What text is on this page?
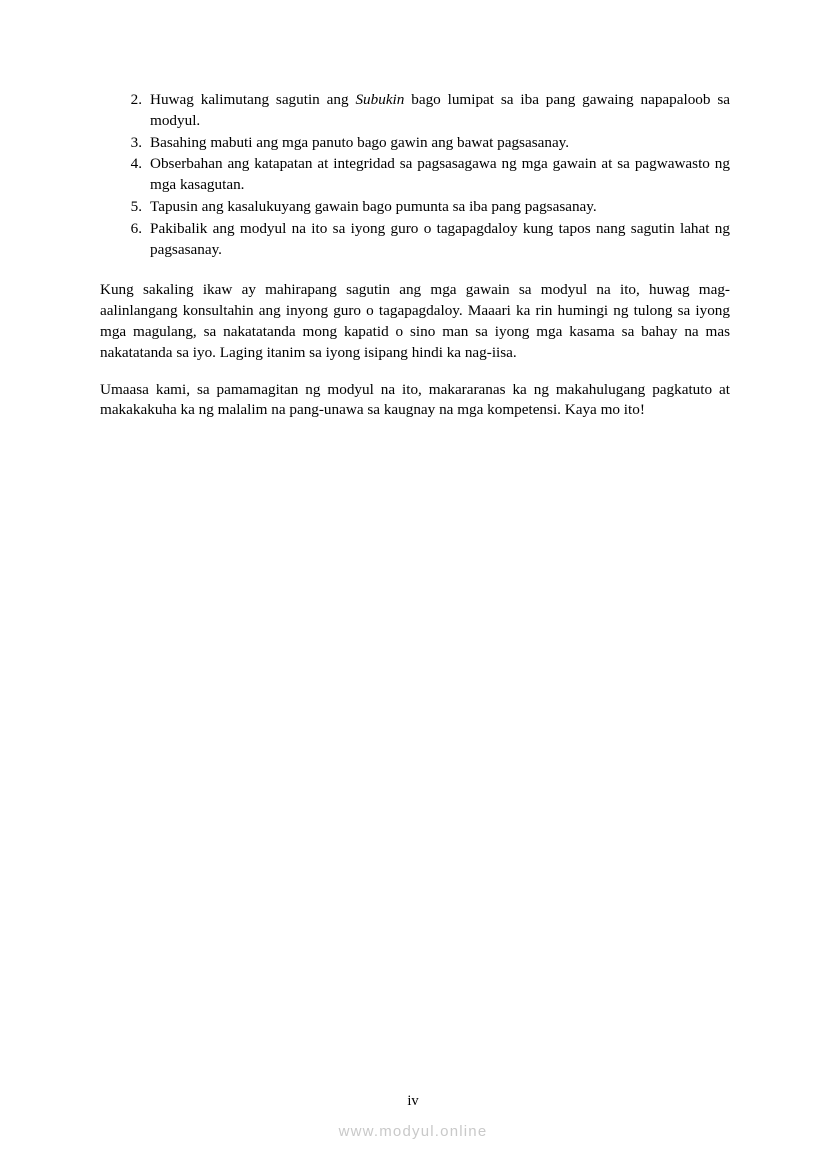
2. Huwag kalimutang sagutin ang Subukin bago lumipat sa iba pang gawaing napapaloob sa modyul.
3. Basahing mabuti ang mga panuto bago gawin ang bawat pagsasanay.
4. Obserbahan ang katapatan at integridad sa pagsasagawa ng mga gawain at sa pagwawasto ng mga kasagutan.
5. Tapusin ang kasalukuyang gawain bago pumunta sa iba pang pagsasanay.
6. Pakibalik ang modyul na ito sa iyong guro o tagapagdaloy kung tapos nang sagutin lahat ng pagsasanay.

Kung sakaling ikaw ay mahirapang sagutin ang mga gawain sa modyul na ito, huwag mag-aalinlangang konsultahin ang inyong guro o tagapagdaloy. Maaari ka rin humingi ng tulong sa iyong mga magulang, sa nakatatanda mong kapatid o sino man sa iyong mga kasama sa bahay na mas nakatatanda sa iyo. Laging itanim sa iyong isipang hindi ka nag-iisa.

Umaasa kami, sa pamamagitan ng modyul na ito, makararanas ka ng makahulugang pagkatuto at makakakuha ka ng malalim na pang-unawa sa kaugnay na mga kompetensi. Kaya mo ito!

iv
www.modyul.online
